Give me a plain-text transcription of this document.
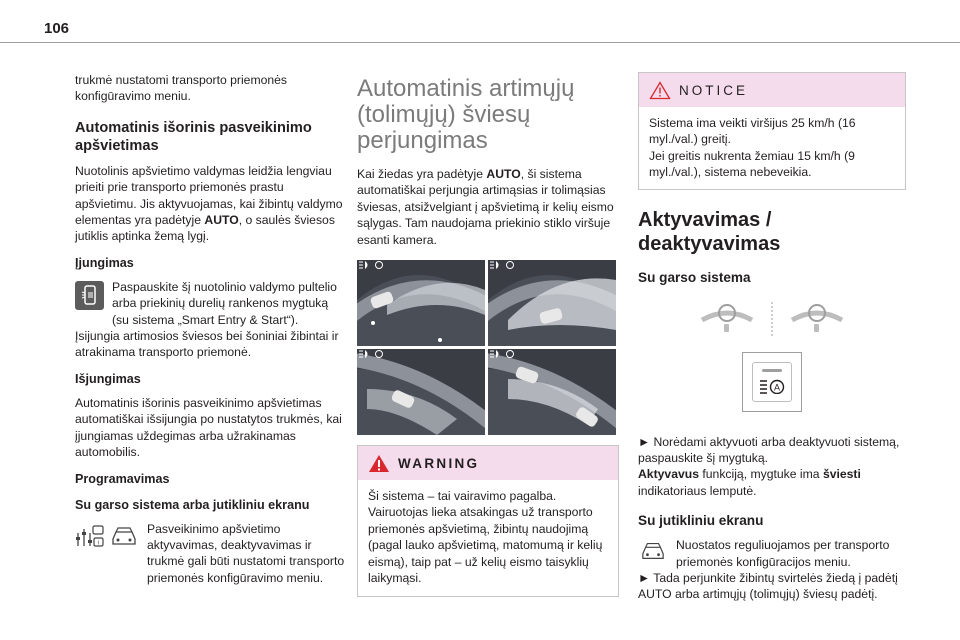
106

trukmė nustatomi transporto priemonės konfigūravimo meniu.

Automatinis išorinis pasveikinimo apšvietimas

Nuotolinis apšvietimo valdymas leidžia lengviau prieiti prie transporto priemonės prastu apšvietimu. Jis aktyvuojamas, kai žibintų valdymo elementas yra padėtyje AUTO, o saulės šviesos jutiklis aptinka žemą lygį.

Įjungimas

Paspauskite šį nuotolinio valdymo pultelio arba priekinių durelių rankenos mygtuką (su sistema „Smart Entry & Start“).

Įsijungia artimosios šviesos bei šoniniai žibintai ir atrakinama transporto priemonė.

Išjungimas

Automatinis išorinis pasveikinimo apšvietimas automatiškai išsijungia po nustatytos trukmės, kai įjungiamas uždegimas arba užrakinamas automobilis.

Programavimas
Su garso sistema arba jutikliniu ekranu
i

Pasveikinimo apšvietimo aktyvavimas, deaktyvavimas ir trukmė gali būti nustatomi transporto priemonės konfigūravimo meniu.

Automatinis artimųjų (tolimųjų) šviesų perjungimas

Kai žiedas yra padėtyje AUTO, ši sistema automatiškai perjungia artimąsias ir tolimąsias šviesas, atsižvelgiant į apšvietimą ir kelių eismo sąlygas. Tam naudojama priekinio stiklo viršuje esanti kamera.

WARNING

Ši sistema – tai vairavimo pagalba. Vairuotojas lieka atsakingas už transporto priemonės apšvietimą, žibintų naudojimą (pagal lauko apšvietimą, matomumą ir kelių eismą), taip pat – už kelių eismo taisyklių laikymąsi.

NOTICE

Sistema ima veikti viršijus 25 km/h (16 myl./val.) greitį.
Jei greitis nukrenta žemiau 15 km/h (9 myl./val.), sistema nebeveikia.

Aktyvavimas / deaktyvavimas
Su garso sistema
A

► Norėdami aktyvuoti arba deaktyvuoti sistemą, paspauskite šį mygtuką.

Aktyvavus funkciją, mygtuke ima šviesti indikatoriaus lemputė.

Su jutikliniu ekranu

Nuostatos reguliuojamos per transporto priemonės konfigūracijos meniu.

► Tada perjunkite žibintų svirtelės žiedą į padėtį AUTO arba artimųjų (tolimųjų) šviesų padėtį.
